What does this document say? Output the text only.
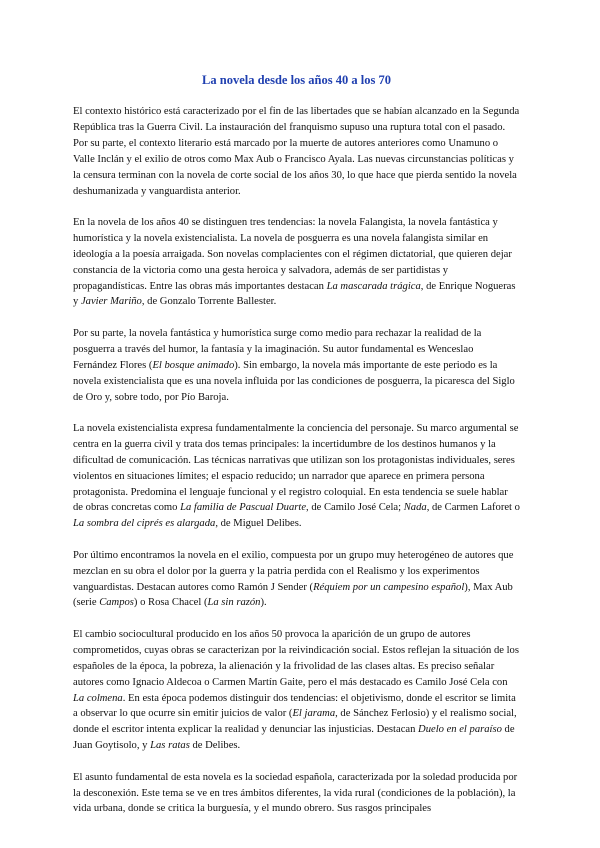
La novela desde los años 40 a los 70

El contexto histórico está caracterizado por el fin de las libertades que se habían alcanzado en la Segunda República tras la Guerra Civil. La instauración del franquismo supuso una ruptura total con el pasado. Por su parte, el contexto literario está marcado por la muerte de autores anteriores como Unamuno o Valle Inclán y el exilio de otros como Max Aub o Francisco Ayala. Las nuevas circunstancias políticas y la censura terminan con la novela de corte social de los años 30, lo que hace que pierda sentido la novela deshumanizada y vanguardista anterior.

En la novela de los años 40 se distinguen tres tendencias: la novela Falangista, la novela fantástica y humorística y la novela existencialista. La novela de posguerra es una novela falangista similar en ideología a la poesía arraigada. Son novelas complacientes con el régimen dictatorial, que quieren dejar constancia de la victoria como una gesta heroica y salvadora, además de ser partidistas y propagandísticas. Entre las obras más importantes destacan La mascarada trágica, de Enrique Nogueras y Javier Mariño, de Gonzalo Torrente Ballester.

Por su parte, la novela fantástica y humorística surge como medio para rechazar la realidad de la posguerra a través del humor, la fantasía y la imaginación. Su autor fundamental es Wenceslao Fernández Flores (El bosque animado). Sin embargo, la novela más importante de este periodo es la novela existencialista que es una novela influida por las condiciones de posguerra, la picaresca del Siglo de Oro y, sobre todo, por Pío Baroja.

La novela existencialista expresa fundamentalmente la conciencia del personaje. Su marco argumental se centra en la guerra civil y trata dos temas principales: la incertidumbre de los destinos humanos y la dificultad de comunicación. Las técnicas narrativas que utilizan son los protagonistas individuales, seres violentos en situaciones límites; el espacio reducido; un narrador que aparece en primera persona protagonista. Predomina el lenguaje funcional y el registro coloquial. En esta tendencia se suele hablar de obras concretas como La familia de Pascual Duarte, de Camilo José Cela; Nada, de Carmen Laforet o La sombra del ciprés es alargada, de Miguel Delibes.

Por último encontramos la novela en el exilio, compuesta por un grupo muy heterogéneo de autores que mezclan en su obra el dolor por la guerra y la patria perdida con el Realismo y los experimentos vanguardistas. Destacan autores como Ramón J Sender (Réquiem por un campesino español), Max Aub (serie Campos) o Rosa Chacel (La sin razón).

El cambio sociocultural producido en los años 50 provoca la aparición de un grupo de autores comprometidos, cuyas obras se caracterizan por la reivindicación social. Estos reflejan la situación de los españoles de la época, la pobreza, la alienación y la frivolidad de las clases altas. Es preciso señalar autores como Ignacio Aldecoa o Carmen Martín Gaite, pero el más destacado es Camilo José Cela con La colmena. En esta época podemos distinguir dos tendencias: el objetivismo, donde el escritor se limita a observar lo que ocurre sin emitir juicios de valor (El jarama, de Sánchez Ferlosio) y el realismo social, donde el escritor intenta explicar la realidad y denunciar las injusticias. Destacan Duelo en el paraíso de Juan Goytisolo, y Las ratas de Delibes.

El asunto fundamental de esta novela es la sociedad española, caracterizada por la soledad producida por la desconexión. Este tema se ve en tres ámbitos diferentes, la vida rural (condiciones de la población), la vida urbana, donde se critica la burguesía, y el mundo obrero. Sus rasgos principales
